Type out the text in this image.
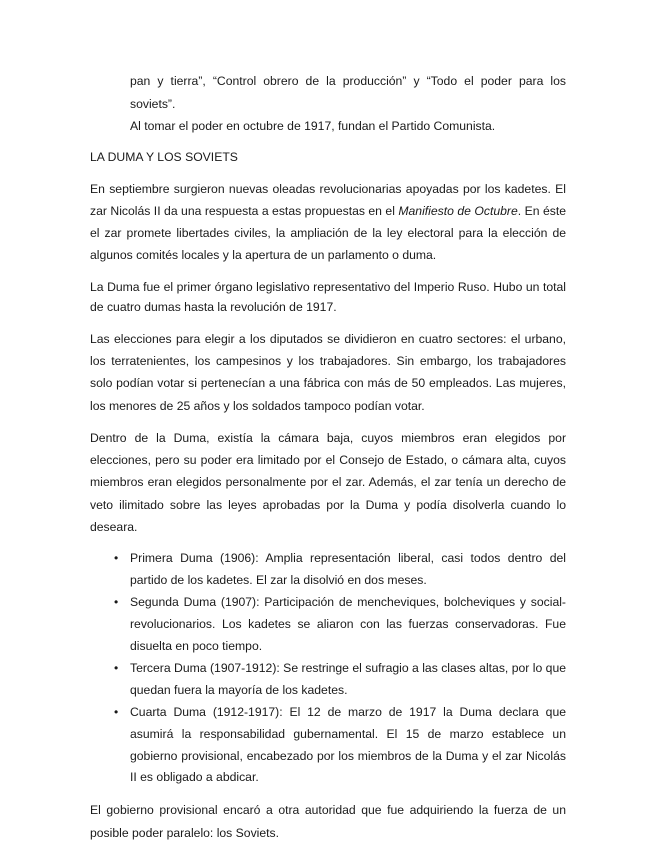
pan y tierra”, “Control obrero de la producción” y “Todo el poder para los soviets”.
Al tomar el poder en octubre de 1917, fundan el Partido Comunista.
LA DUMA Y LOS SOVIETS

En septiembre surgieron nuevas oleadas revolucionarias apoyadas por los kadetes. El zar Nicolás II da una respuesta a estas propuestas en el Manifiesto de Octubre. En éste el zar promete libertades civiles, la ampliación de la ley electoral para la elección de algunos comités locales y la apertura de un parlamento o duma.

La Duma fue el primer órgano legislativo representativo del Imperio Ruso. Hubo un total de cuatro dumas hasta la revolución de 1917.

Las elecciones para elegir a los diputados se dividieron en cuatro sectores: el urbano, los terratenientes, los campesinos y los trabajadores. Sin embargo, los trabajadores solo podían votar si pertenecían a una fábrica con más de 50 empleados. Las mujeres, los menores de 25 años y los soldados tampoco podían votar.

Dentro de la Duma, existía la cámara baja, cuyos miembros eran elegidos por elecciones, pero su poder era limitado por el Consejo de Estado, o cámara alta, cuyos miembros eran elegidos personalmente por el zar. Además, el zar tenía un derecho de veto ilimitado sobre las leyes aprobadas por la Duma y podía disolverla cuando lo deseara.

• Primera Duma (1906): Amplia representación liberal, casi todos dentro del partido de los kadetes. El zar la disolvió en dos meses.
• Segunda Duma (1907): Participación de mencheviques, bolcheviques y social-revolucionarios. Los kadetes se aliaron con las fuerzas conservadoras. Fue disuelta en poco tiempo.
• Tercera Duma (1907-1912): Se restringe el sufragio a las clases altas, por lo que quedan fuera la mayoría de los kadetes.
• Cuarta Duma (1912-1917): El 12 de marzo de 1917 la Duma declara que asumirá la responsabilidad gubernamental. El 15 de marzo establece un gobierno provisional, encabezado por los miembros de la Duma y el zar Nicolás II es obligado a abdicar.

El gobierno provisional encaró a otra autoridad que fue adquiriendo la fuerza de un posible poder paralelo: los Soviets.
